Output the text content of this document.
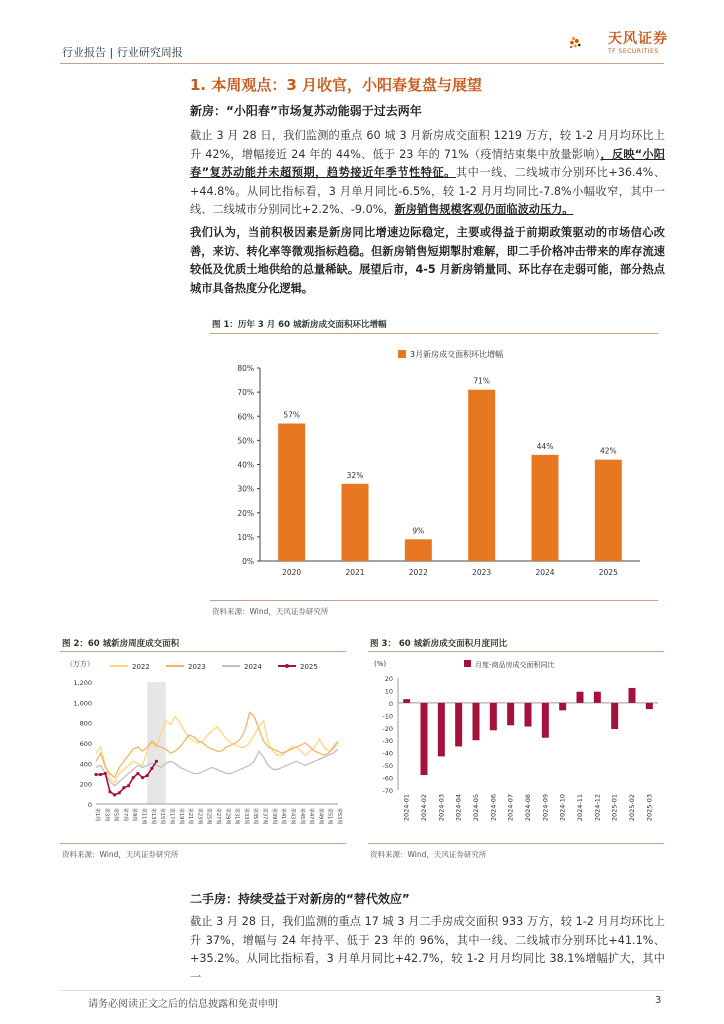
行业报告 | 行业研究周报
天风证券
TF SECURITIES
1. 本周观点：3 月收官，小阳春复盘与展望
新房：“小阳春”市场复苏动能弱于过去两年
截止 3 月 28 日，我们监测的重点 60 城 3 月新房成交面积 1219 万方，较 1-2 月月均环比上升 42%，增幅接近 24 年的 44%、低于 23 年的 71%（疫情结束集中放量影响），反映“小阳春”复苏动能并未超预期，趋势接近年季节性特征。其中一线、二线城市分别环比+36.4%、+44.8%。从同比指标看，3 月单月同比-6.5%，较 1-2 月月均同比-7.8%小幅收窄，其中一线、二线城市分别同比+2.2%、-9.0%，新房销售规模客观仍面临波动压力。
我们认为，当前积极因素是新房同比增速边际稳定，主要或得益于前期政策驱动的市场信心改善，来访、转化率等微观指标趋稳。但新房销售短期掣肘难解，即二手价格冲击带来的库存流速较低及优质土地供给的总量稀缺。展望后市，4-5 月新房销量同、环比存在走弱可能，部分热点城市具备热度分化逻辑。
图 1：历年 3 月 60 城新房成交面积环比增幅
3月新房成交面积环比增幅
0%
10%
20%
30%
40%
50%
60%
70%
80%
57%
2020
32%
2021
9%
2022
71%
2023
44%
2024
42%
2025
资料来源：Wind，天风证券研究所
图 2：60 城新房周度成交面积
（万方）	2022	2023	2024	2025
0
200
400
600
800
1,000
1,200
第1周 第3周 第5周 第7周 第9周 第11周 第13周 第15周 第17周 第19周 第21周 第23周 第25周 第27周 第29周 第31周 第33周 第35周 第37周 第39周 第41周 第43周 第45周 第47周 第49周 第51周 第53周
资料来源：Wind，天风证券研究所
图 3： 60 城新房成交面积月度同比
(%)	月度-商品房成交面积同比
-70
-60
-50
-40
-30
-20
-10
0
10
20
2024-01 2024-02 2024-03 2024-04 2024-05 2024-06 2024-07 2024-08 2024-09 2024-10 2024-11 2024-12 2025-01 2025-02 2025-03
资料来源：Wind，天风证券研究所
二手房：持续受益于对新房的“替代效应”
截止 3 月 28 日，我们监测的重点 17 城 3 月二手房成交面积 933 万方，较 1-2 月月均环比上升 37%，增幅与 24 年持平、低于 23 年的 96%，其中一线、二线城市分别环比+41.1%、+35.2%。从同比指标看，3 月单月同比+42.7%，较 1-2 月月均同比 38.1%增幅扩大，其中一
请务必阅读正文之后的信息披露和免责申明	3
